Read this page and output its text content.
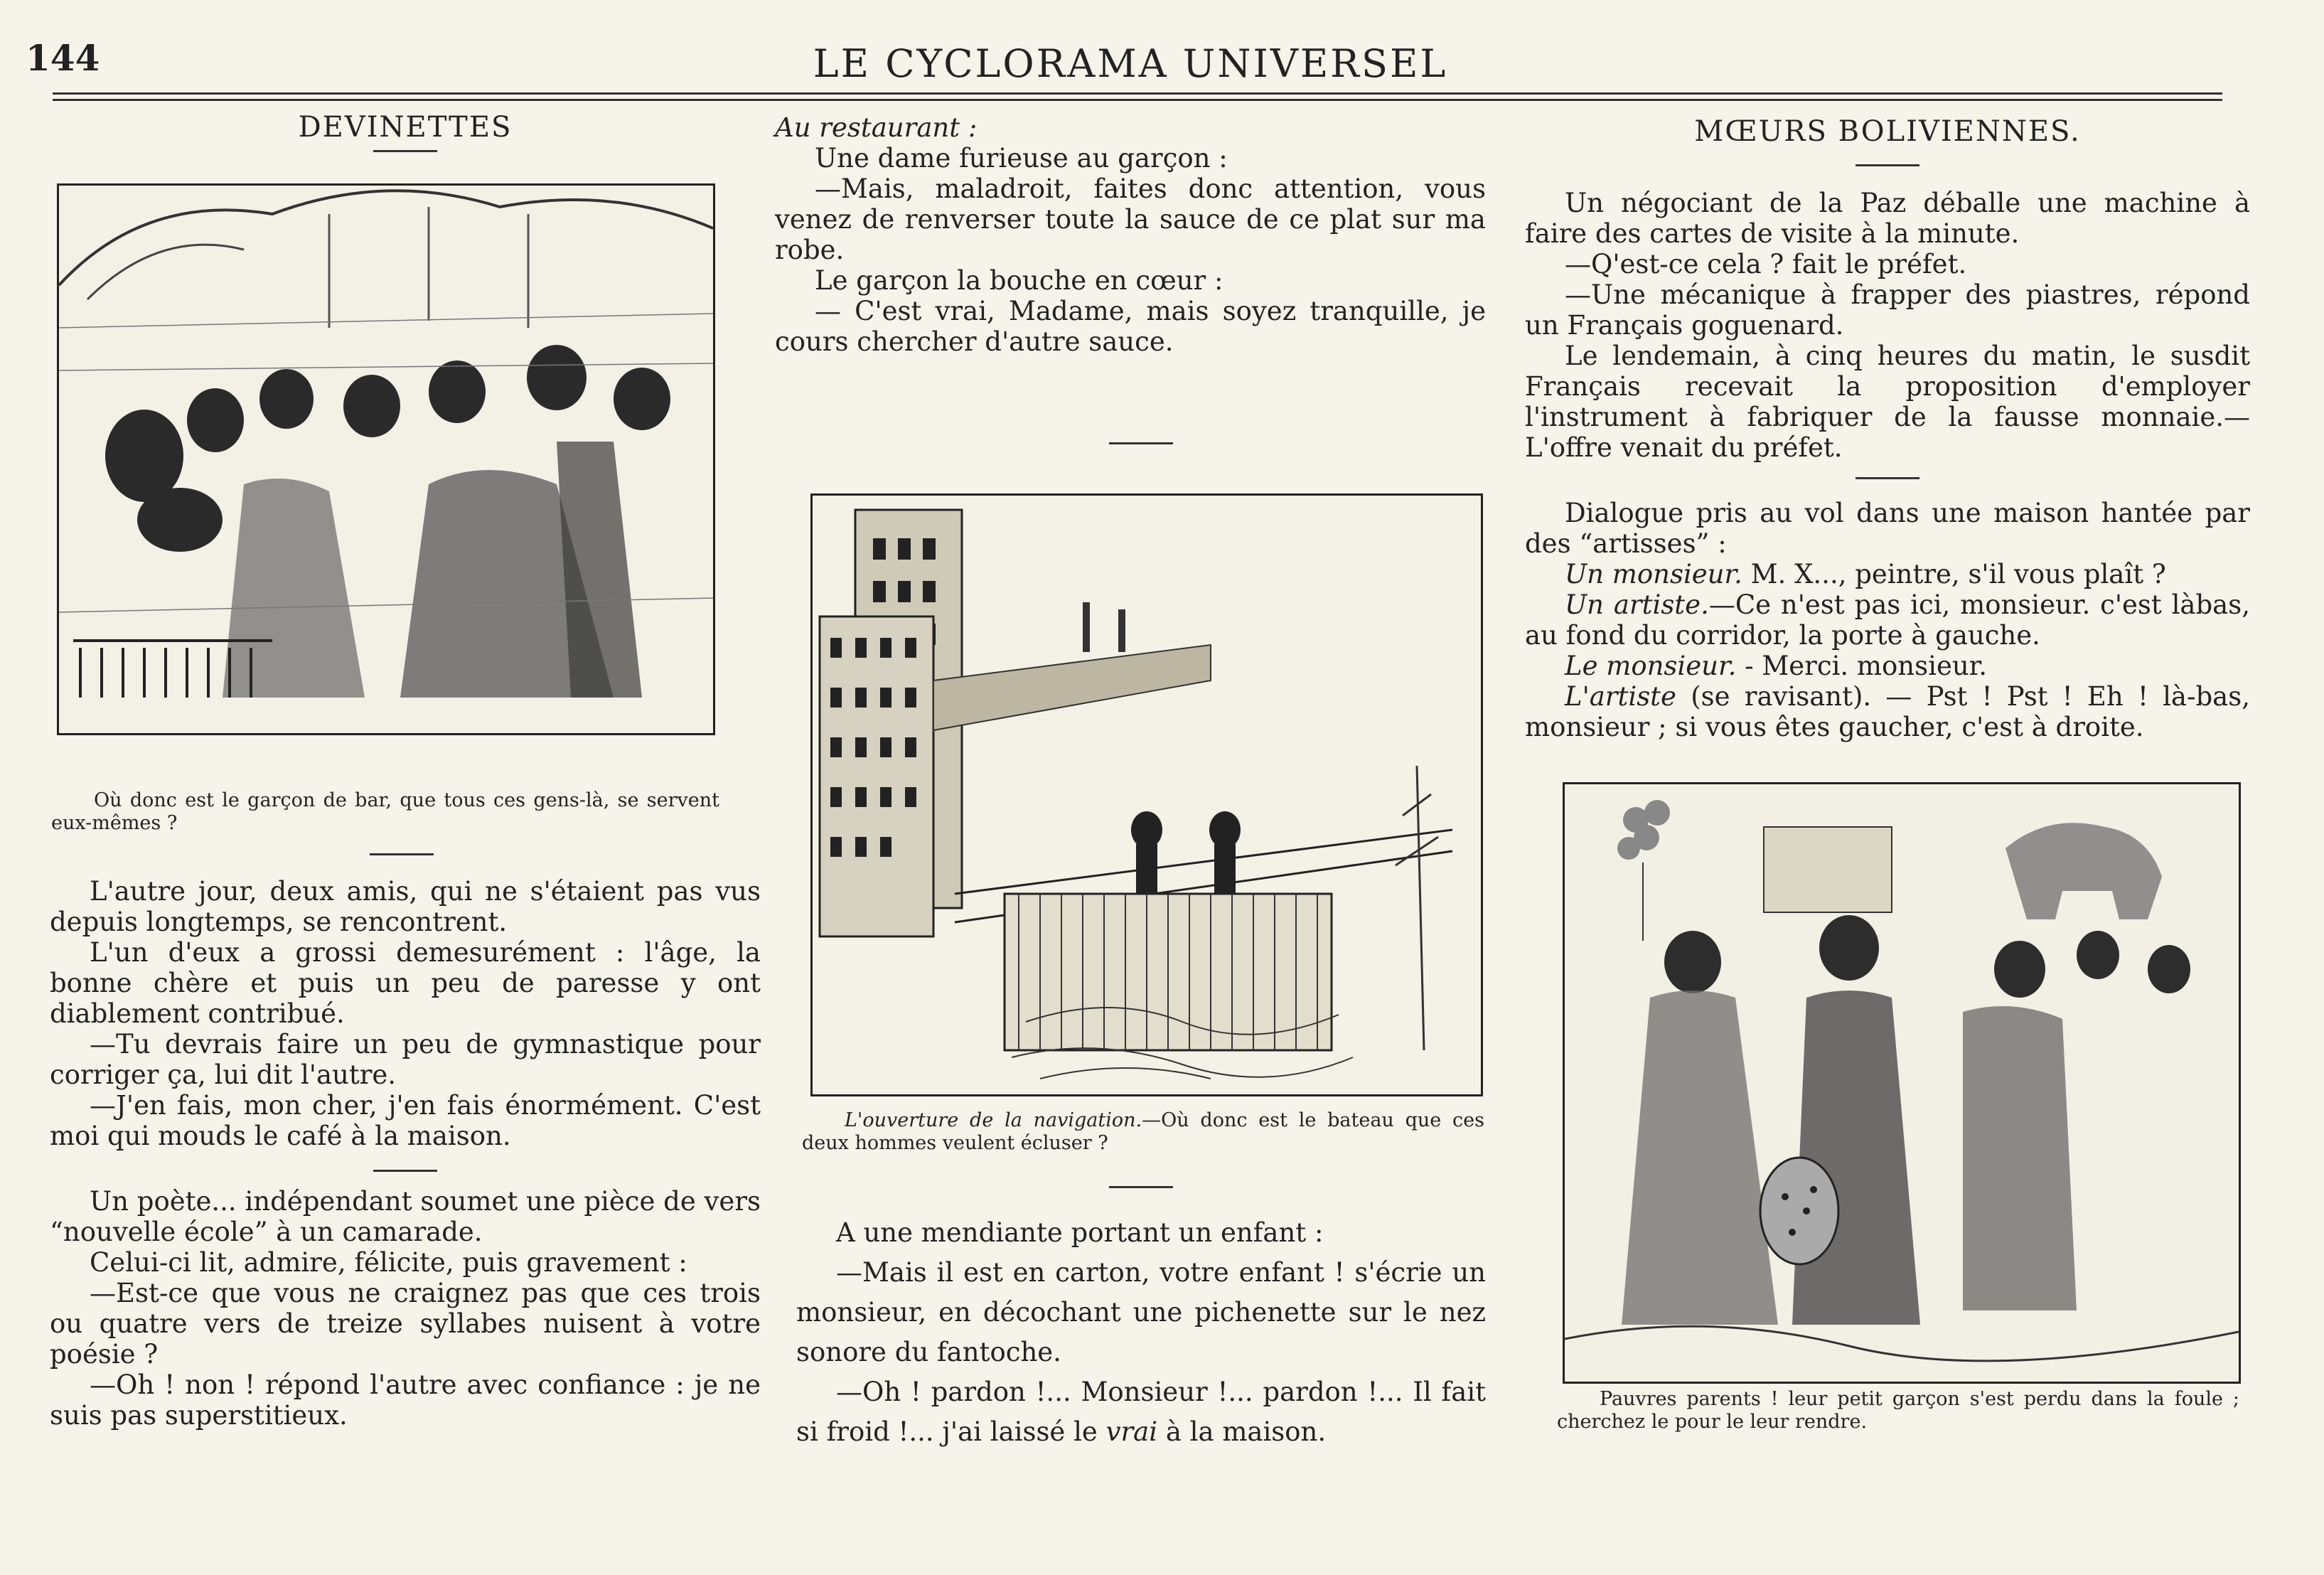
144	LE CYCLORAMA UNIVERSEL
DEVINETTES
Où donc est le garçon de bar, que tous ces gens-là, se servent eux-mêmes ?

L'autre jour, deux amis, qui ne s'étaient pas vus depuis longtemps, se rencontrent.

L'un d'eux a grossi demesurément : l'âge, la bonne chère et puis un peu de paresse y ont diablement contribué.

—Tu devrais faire un peu de gymnastique pour corriger ça, lui dit l'autre.

—J'en fais, mon cher, j'en fais énormément. C'est moi qui mouds le café à la maison.

Un poète... indépendant soumet une pièce de vers “nouvelle école” à un camarade.

Celui-ci lit, admire, félicite, puis gravement :

—Est-ce que vous ne craignez pas que ces trois ou quatre vers de treize syllabes nuisent à votre poésie ?

—Oh ! non ! répond l'autre avec confiance : je ne suis pas superstitieux.

Au restaurant :

Une dame furieuse au garçon :

—Mais, maladroit, faites donc attention, vous venez de renverser toute la sauce de ce plat sur ma robe.

Le garçon la bouche en cœur :

— C'est vrai, Madame, mais soyez tranquille, je cours chercher d'autre sauce.

L'ouverture de la navigation.—Où donc est le bateau que ces deux hommes veulent écluser ?

A une mendiante portant un enfant :

—Mais il est en carton, votre enfant ! s'écrie un monsieur, en décochant une pichenette sur le nez sonore du fantoche.

—Oh ! pardon !... Monsieur !... pardon !... Il fait si froid !... j'ai laissé le vrai à la maison.

MŒURS BOLIVIENNES.

Un négociant de la Paz déballe une machine à faire des cartes de visite à la minute.

—Q'est-ce cela ? fait le préfet.

—Une mécanique à frapper des piastres, répond un Français goguenard.

Le lendemain, à cinq heures du matin, le susdit Français recevait la proposition d'employer l'instrument à fabriquer de la fausse monnaie.—L'offre venait du préfet.

Dialogue pris au vol dans une maison hantée par des “artisses” :

Un monsieur. M. X..., peintre, s'il vous plaît ?

Un artiste.—Ce n'est pas ici, monsieur. c'est làbas, au fond du corridor, la porte à gauche.

Le monsieur. - Merci. monsieur.

L'artiste (se ravisant). — Pst ! Pst ! Eh ! là-bas, monsieur ; si vous êtes gaucher, c'est à droite.

Pauvres parents ! leur petit garçon s'est perdu dans la foule ; cherchez le pour le leur rendre.
